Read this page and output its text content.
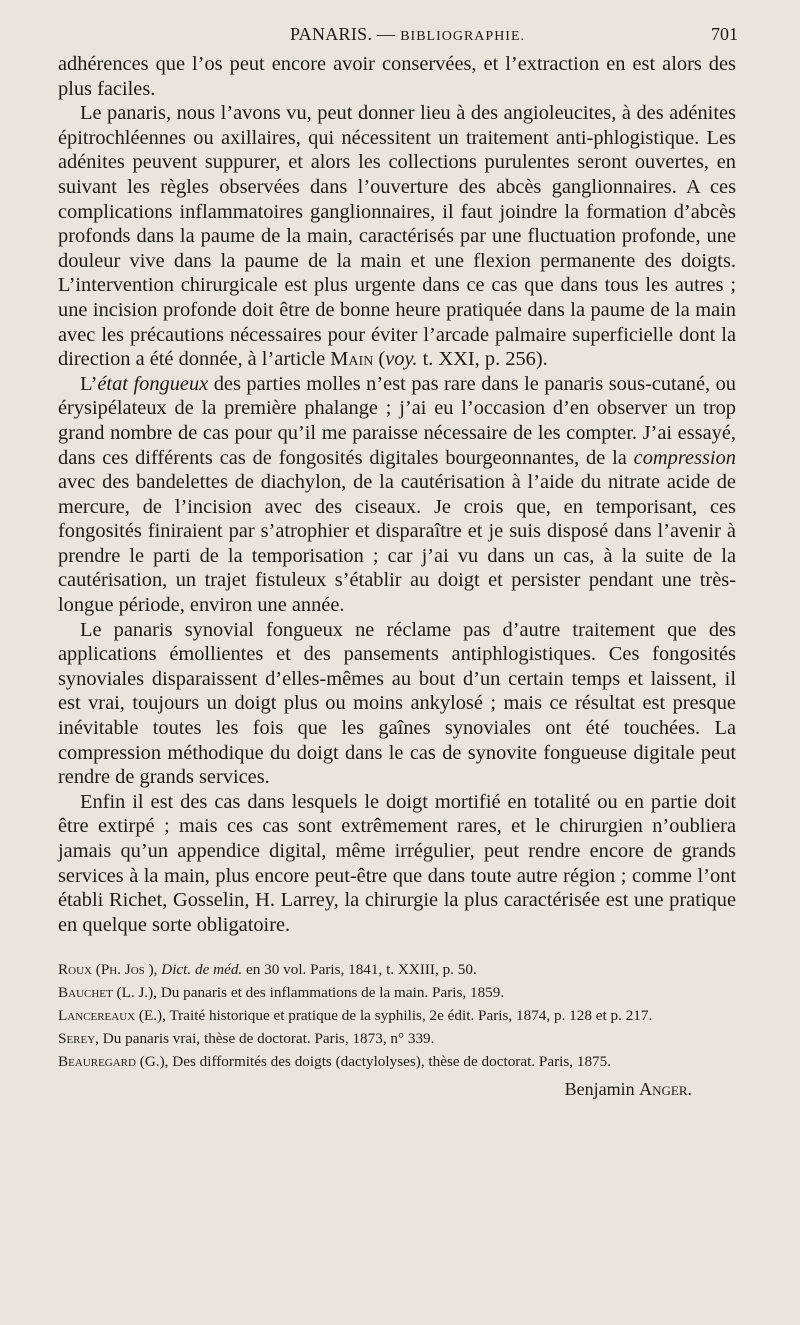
PANARIS. — BIBLIOGRAPHIE.	701

adhérences que l’os peut encore avoir conservées, et l’extraction en est alors des plus faciles.

Le panaris, nous l’avons vu, peut donner lieu à des angioleucites, à des adénites épitrochléennes ou axillaires, qui nécessitent un traitement anti-phlogistique. Les adénites peuvent suppurer, et alors les collections purulentes seront ouvertes, en suivant les règles observées dans l’ouverture des abcès ganglionnaires. A ces complications inflammatoires ganglionnaires, il faut joindre la formation d’abcès profonds dans la paume de la main, caractérisés par une fluctuation profonde, une douleur vive dans la paume de la main et une flexion permanente des doigts. L’intervention chirurgicale est plus urgente dans ce cas que dans tous les autres ; une incision profonde doit être de bonne heure pratiquée dans la paume de la main avec les précautions nécessaires pour éviter l’arcade palmaire superficielle dont la direction a été donnée, à l’article Main (voy. t. XXI, p. 256).

L’état fongueux des parties molles n’est pas rare dans le panaris sous-cutané, ou érysipélateux de la première phalange ; j’ai eu l’occasion d’en observer un trop grand nombre de cas pour qu’il me paraisse nécessaire de les compter. J’ai essayé, dans ces différents cas de fongosités digitales bourgeonnantes, de la compression avec des bandelettes de diachylon, de la cautérisation à l’aide du nitrate acide de mercure, de l’incision avec des ciseaux. Je crois que, en temporisant, ces fongosités finiraient par s’atrophier et disparaître et je suis disposé dans l’avenir à prendre le parti de la temporisation ; car j’ai vu dans un cas, à la suite de la cautérisation, un trajet fistuleux s’établir au doigt et persister pendant une très-longue période, environ une année.

Le panaris synovial fongueux ne réclame pas d’autre traitement que des applications émollientes et des pansements antiphlogistiques. Ces fongosités synoviales disparaissent d’elles-mêmes au bout d’un certain temps et laissent, il est vrai, toujours un doigt plus ou moins ankylosé ; mais ce résultat est presque inévitable toutes les fois que les gaînes synoviales ont été touchées. La compression méthodique du doigt dans le cas de synovite fongueuse digitale peut rendre de grands services.

Enfin il est des cas dans lesquels le doigt mortifié en totalité ou en partie doit être extirpé ; mais ces cas sont extrêmement rares, et le chirurgien n’oubliera jamais qu’un appendice digital, même irrégulier, peut rendre encore de grands services à la main, plus encore peut-être que dans toute autre région ; comme l’ont établi Richet, Gosselin, H. Larrey, la chirurgie la plus caractérisée est une pratique en quelque sorte obligatoire.

Roux (Ph. Jos ), Dict. de méd. en 30 vol. Paris, 1841, t. XXIII, p. 50.
Bauchet (L. J.), Du panaris et des inflammations de la main. Paris, 1859.
Lancereaux (E.), Traité historique et pratique de la syphilis, 2e édit. Paris, 1874, p. 128 et p. 217.
Serey, Du panaris vrai, thèse de doctorat. Paris, 1873, n° 339.
Beauregard (G.), Des difformités des doigts (dactylolyses), thèse de doctorat. Paris, 1875.
Benjamin Anger.
